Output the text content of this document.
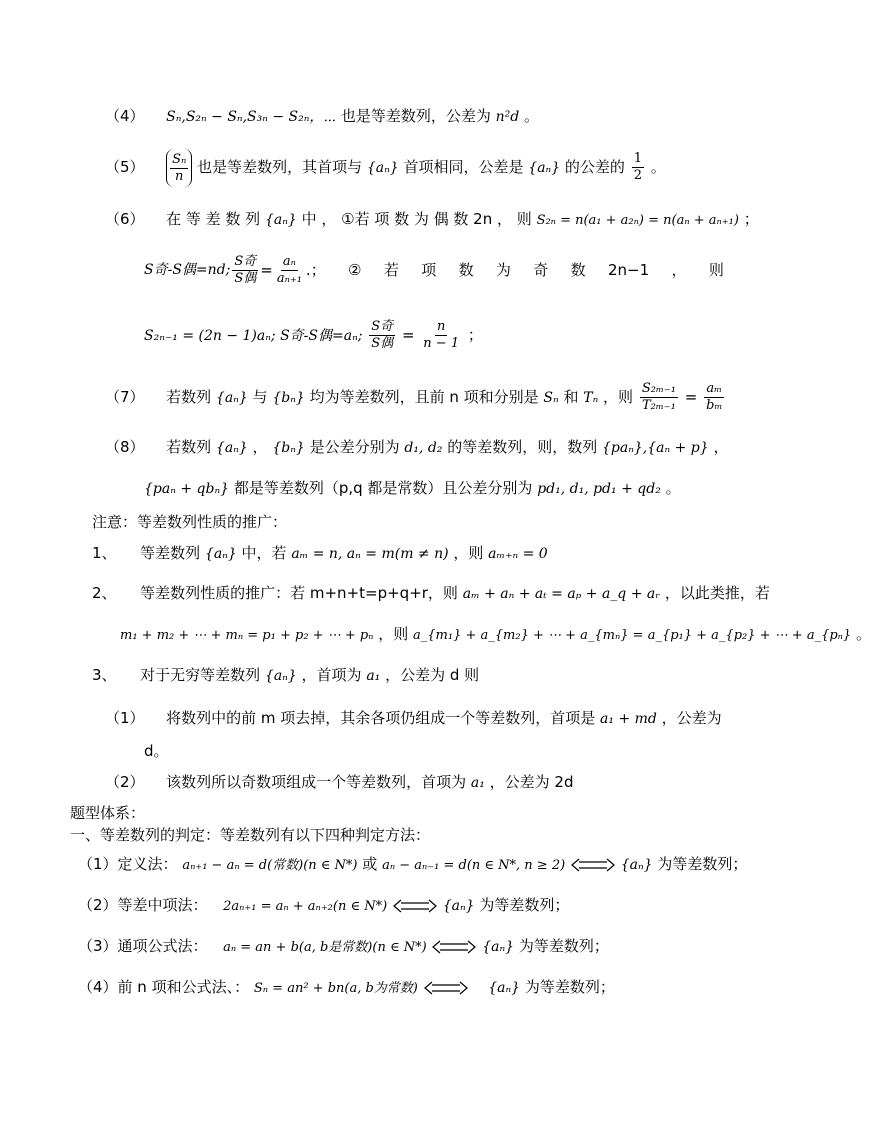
（4） Sₙ,S₂ₙ − Sₙ,S₃ₙ − S₂ₙ，⋯ 也是等差数列，公差为 n²d 。
$(5) \frac{\text{Sₙ}}{n}$ 也是等差数列，其首项与 {aₙ} 首项相同，公差是 {aₙ} 的公差的 $\frac{1}{2}$ 。
（6） 在 等 差 数 列 {aₙ} 中 ， ①若 项 数 为 偶 数 2n ， 则 S₂ₙ = n(a₁ + a₂ₙ) = n(aₙ + aₙ₊₁) ；
S奇-S偶=nd; $\frac{\text{S奇}}{\text{S偶}} = \frac{\text{aₙ}}{\text{aₙ₊₁}}$ .； ② 若 项 数 为 奇 数 2n−1 ， 则
S₂ₙ₋₁ = (2n − 1)aₙ; S奇-S偶=aₙ; $\frac{\text{S奇}}{\text{S偶}} = \frac{n}{n - 1}$ ；
（7） 若数列 {aₙ} 与 {bₙ} 均为等差数列，且前 n 项和分别是 Sₙ 和 Tₙ ，则 $\frac{\text{S₂ₘ₋₁}}{\text{T₂ₘ₋₁}} = \frac{\text{aₘ}}{\text{bₘ}}$
（8） 若数列 {aₙ} ， {bₙ} 是公差分别为 d₁, d₂ 的等差数列，则，数列 {paₙ},{aₙ + p} ，
{paₙ + qbₙ} 都是等差数列（p,q 都是常数）且公差分别为 pd₁, d₁, pd₁ + qd₂ 。
注意：等差数列性质的推广：
1、 等差数列 {aₙ} 中，若 aₘ = n, aₙ = m(m ≠ n) ，则 aₘ₊ₙ = 0
2、 等差数列性质的推广：若 m+n+t=p+q+r，则 aₘ + aₙ + aₜ = aₚ + a_q + aᵣ ，以此类推，若
m₁ + m₂ + ⋯ + mₙ = p₁ + p₂ + ⋯ + pₙ ，则 a_{m₁} + a_{m₂} + ⋯ + a_{mₙ} = a_{p₁} + a_{p₂} + ⋯ + a_{pₙ} 。
3、 对于无穷等差数列 {aₙ} ，首项为 a₁ ，公差为 d 则
（1） 将数列中的前 m 项去掉，其余各项仍组成一个等差数列，首项是 a₁ + md ，公差为
d。
（2） 该数列所以奇数项组成一个等差数列，首项为 a₁ ，公差为 2d
题型体系：
一、等差数列的判定：等差数列有以下四种判定方法：
（1）定义法： aₙ₊₁ − aₙ = d(常数)(n ∈ N*) 或 aₙ − aₙ₋₁ = d(n ∈ N*, n ≥ 2)	{aₙ} 为等差数列；
（2）等差中项法： 2aₙ₊₁ = aₙ + aₙ₊₂(n ∈ N*)	{aₙ} 为等差数列；
（3）通项公式法： aₙ = an + b(a, b是常数)(n ∈ N*)	{aₙ} 为等差数列；
（4）前 n 项和公式法、： Sₙ = an² + bn(a, b为常数)	{aₙ} 为等差数列；
